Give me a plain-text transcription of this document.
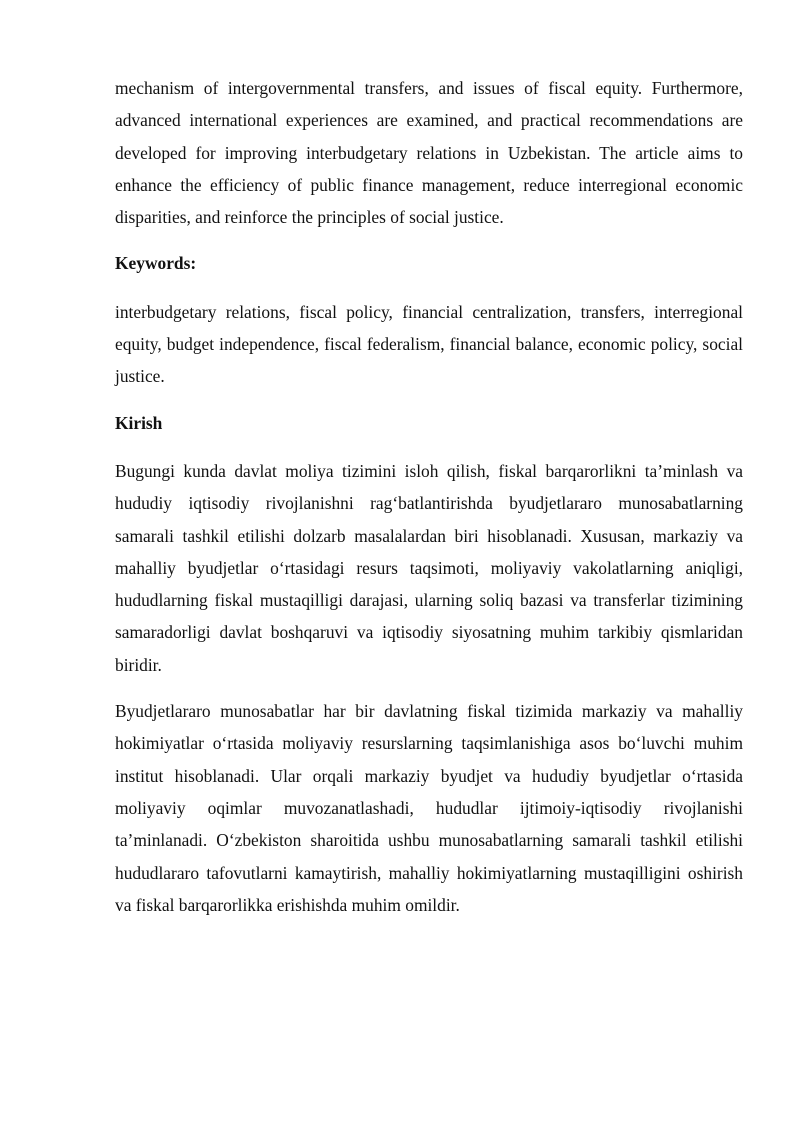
mechanism of intergovernmental transfers, and issues of fiscal equity. Furthermore, advanced international experiences are examined, and practical recommendations are developed for improving interbudgetary relations in Uzbekistan. The article aims to enhance the efficiency of public finance management, reduce interregional economic disparities, and reinforce the principles of social justice.

Keywords:

interbudgetary relations, fiscal policy, financial centralization, transfers, interregional equity, budget independence, fiscal federalism, financial balance, economic policy, social justice.

Kirish

Bugungi kunda davlat moliya tizimini isloh qilish, fiskal barqarorlikni ta’minlash va hududiy iqtisodiy rivojlanishni rag‘batlantirishda byudjetlararo munosabatlarning samarali tashkil etilishi dolzarb masalalardan biri hisoblanadi. Xususan, markaziy va mahalliy byudjetlar o‘rtasidagi resurs taqsimoti, moliyaviy vakolatlarning aniqligi, hududlarning fiskal mustaqilligi darajasi, ularning soliq bazasi va transferlar tizimining samaradorligi davlat boshqaruvi va iqtisodiy siyosatning muhim tarkibiy qismlaridan biridir.

Byudjetlararo munosabatlar har bir davlatning fiskal tizimida markaziy va mahalliy hokimiyatlar o‘rtasida moliyaviy resurslarning taqsimlanishiga asos bo‘luvchi muhim institut hisoblanadi. Ular orqali markaziy byudjet va hududiy byudjetlar o‘rtasida moliyaviy oqimlar muvozanatlashadi, hududlar ijtimoiy-iqtisodiy rivojlanishi ta’minlanadi. O‘zbekiston sharoitida ushbu munosabatlarning samarali tashkil etilishi hududlararo tafovutlarni kamaytirish, mahalliy hokimiyatlarning mustaqilligini oshirish va fiskal barqarorlikka erishishda muhim omildir.
